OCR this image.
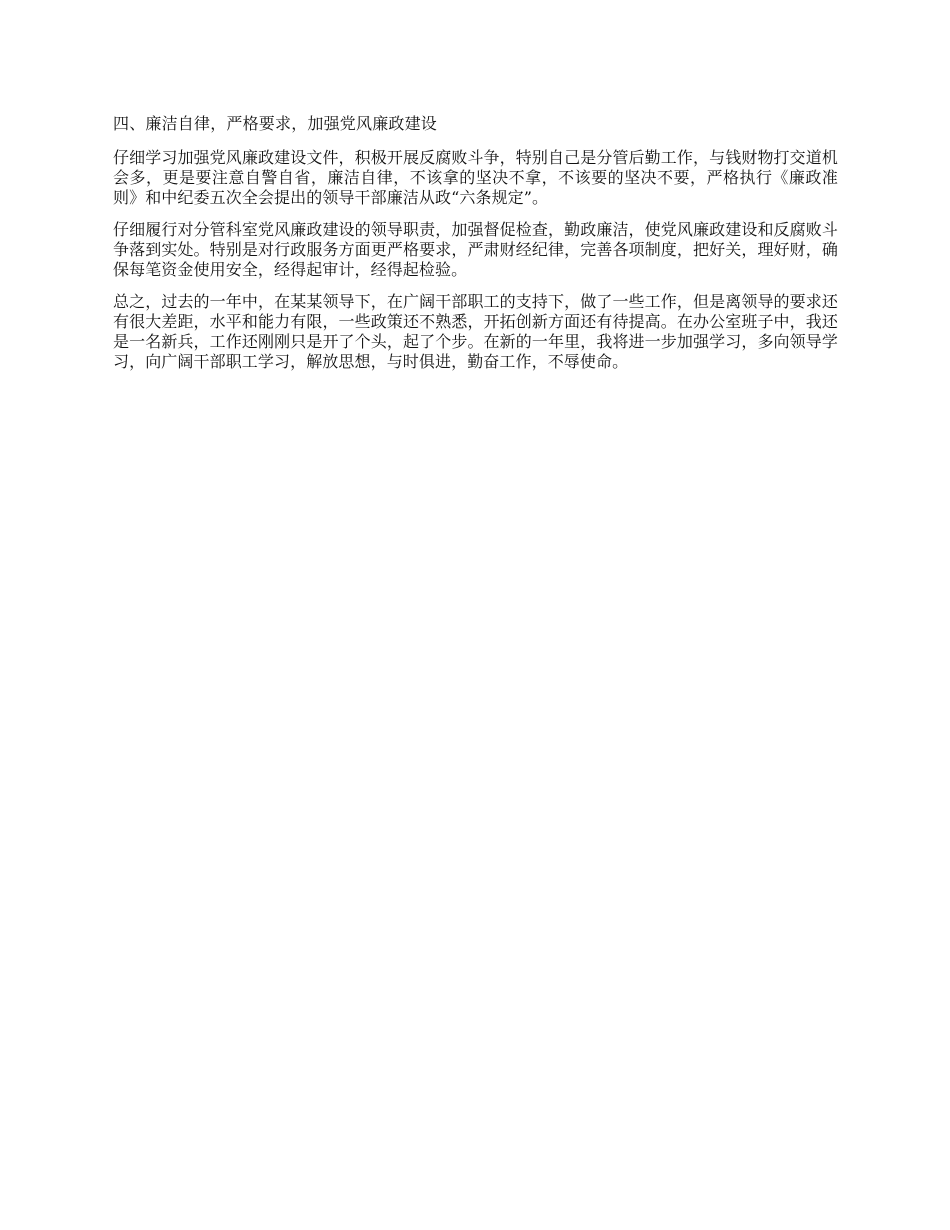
四、廉洁自律，严格要求，加强党风廉政建设

仔细学习加强党风廉政建设文件，积极开展反腐败斗争，特别自己是分管后勤工作，与钱财物打交道机会多，更是要注意自警自省，廉洁自律，不该拿的坚决不拿，不该要的坚决不要，严格执行《廉政准则》和中纪委五次全会提出的领导干部廉洁从政“六条规定”。

仔细履行对分管科室党风廉政建设的领导职责，加强督促检查，勤政廉洁，使党风廉政建设和反腐败斗争落到实处。特别是对行政服务方面更严格要求，严肃财经纪律，完善各项制度，把好关，理好财，确保每笔资金使用安全，经得起审计，经得起检验。

总之，过去的一年中，在某某领导下，在广阔干部职工的支持下，做了一些工作，但是离领导的要求还有很大差距，水平和能力有限，一些政策还不熟悉，开拓创新方面还有待提高。在办公室班子中，我还是一名新兵，工作还刚刚只是开了个头，起了个步。在新的一年里，我将进一步加强学习，多向领导学习，向广阔干部职工学习，解放思想，与时俱进，勤奋工作，不辱使命。
